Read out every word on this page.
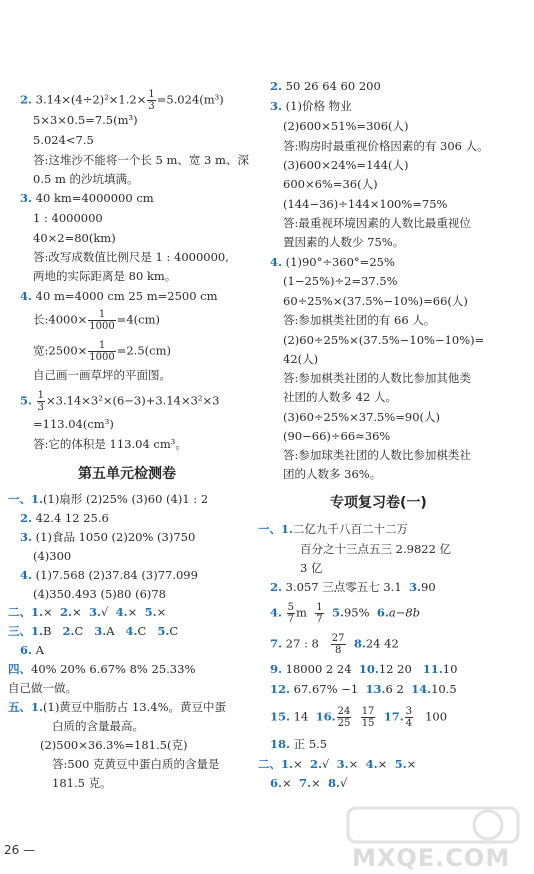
2. $3.14\times(4\div 2)^2\times 1.2\times \frac{1}{3} =5.024(m^3)$
5×3×0.5=7.5(m³)
5.024<7.5
答:这堆沙不能将一个长 5 m、宽 3 m、深
0.5 m 的沙坑填满。
3. 40 km=4000000 cm
1 : 4000000
40×2=80(km)
答:改写成数值比例尺是 1 : 4000000,
两地的实际距离是 80 km。
4. 40 m=4000 cm 25 m=2500 cm
长:4000× $\frac{1}{1000} =4(cm)$
宽:2500× $\frac{1}{1000} =2.5(cm)$
自己画一画草坪的平面图。
5. $\frac{1}{3} \times 3.14\times 3^2\times(6-3)+3.14\times 3^2\times 3$
=113.04(cm³)
答:它的体积是 113.04 cm³。
第五单元检测卷
一、1.(1)扇形 (2)25% (3)60 (4)1 : 2
2. 42.4 12 25.6
3. (1)食品 1050 (2)20% (3)750
(4)300
4. (1)7.568 (2)37.84 (3)77.099
(4)350.493 (5)80 (6)78
二、1.× 2.× 3.√ 4.× 5.×
三、1.B 2.C 3.A 4.C 5.C
6. A
四、40% 20% 6.67% 8% 25.33%
自己做一做。
五、1.(1)黄豆中脂肪占 13.4%。黄豆中蛋
白质的含量最高。
(2)500×36.3%=181.5(克)
答:500 克黄豆中蛋白质的含量是
181.5 克。
2. 50 26 64 60 200
3. (1)价格 物业
(2)600×51%=306(人)
答:购房时最重视价格因素的有 306 人。
(3)600×24%=144(人)
600×6%=36(人)
(144−36)÷144×100%=75%
答:最重视环境因素的人数比最重视位
置因素的人数少 75%。
4. (1)90°÷360°=25%
(1−25%)÷2=37.5%
60÷25%×(37.5%−10%)=66(人)
答:参加棋类社团的有 66 人。
(2)60÷25%×(37.5%−10%−10%)=
42(人)
答:参加棋类社团的人数比参加其他类
社团的人数多 42 人。
(3)60÷25%×37.5%=90(人)
(90−66)÷66≈36%
答:参加球类社团的人数比参加棋类社
团的人数多 36%。
专项复习卷(一)
一、1.二亿九千八百二十二万
百分之十三点五三 2.9822 亿
3 亿
2. 3.057 三点零五七 3.1 3.90
4. $\frac{5}{7}$ m $\frac{1}{7} 5.95\%$ 6.a−8b
7. 27 : $8 \frac{27}{8} 8.24$ 42
9. 18000 2 24 10.12 20 11.10
12. 67.67% −1 13.6 2 14.10.5
15. 14 16. $\frac{24}{25}$
$\frac{17}{15} 17$. $\frac{3}{4} 100$
18. 正 5.5
二、1.× 2.√ 3.× 4.× 5.×
6.× 7.× 8.√
26 —	MXQE.COM
